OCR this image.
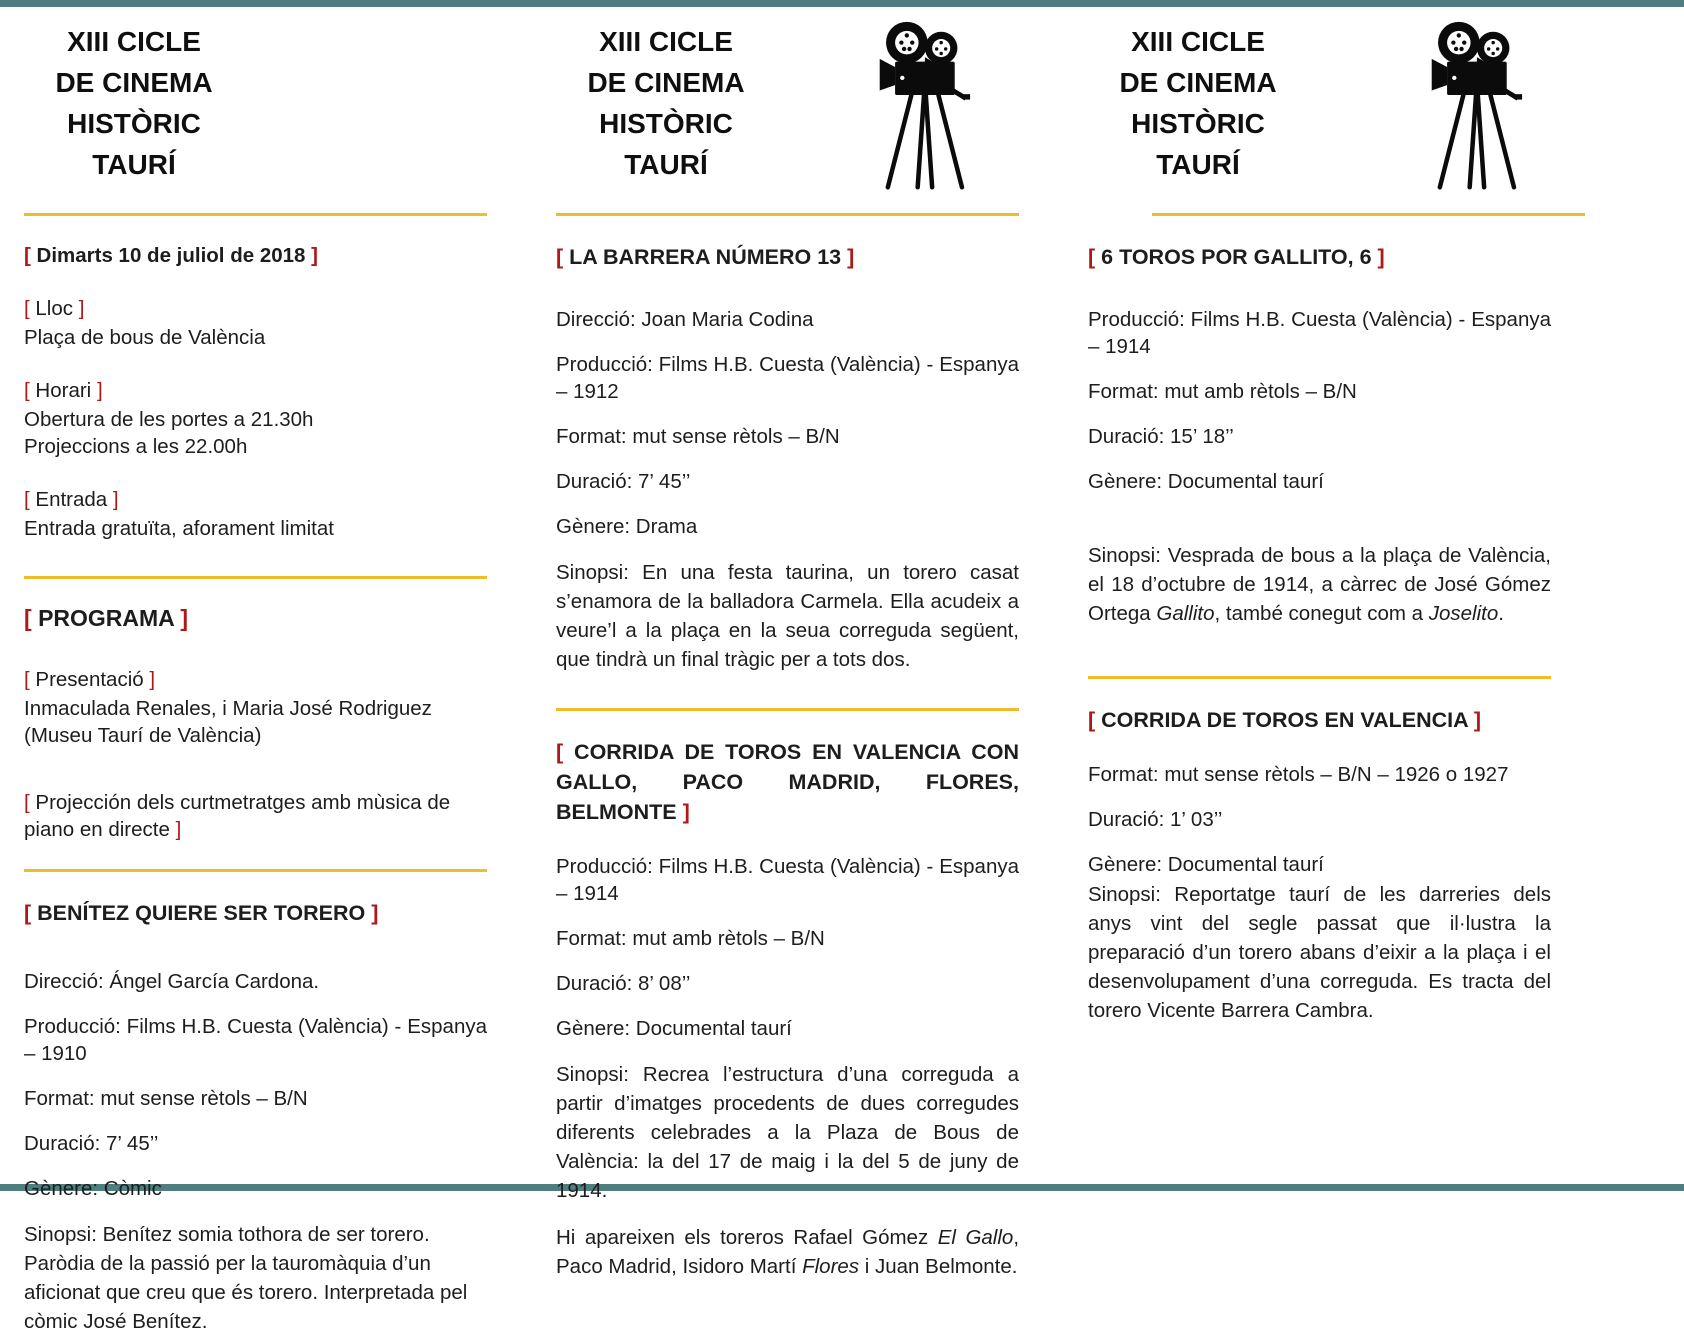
XIII CICLE

DE CINEMA

HISTÒRIC

TAURÍ

[ Dimarts 10 de juliol de 2018 ]

[ Lloc ]

Plaça de bous de València

[ Horari ]

Obertura de les portes a 21.30h

Projeccions a les 22.00h

[ Entrada ]

Entrada gratuïta, aforament limitat

[ PROGRAMA ]

[ Presentació ]

Inmaculada Renales, i Maria José Rodriguez (Museu Taurí de València)

[ Projección dels curtmetratges amb mùsica de piano en directe ]

[ BENÍTEZ QUIERE SER TORERO ]

Direcció: Ángel García Cardona.

Producció: Films H.B. Cuesta (València) - Espanya – 1910

Format: mut sense rètols – B/N

Duració: 7’ 45’’

Gènere: Còmic

Sinopsi: Benítez somia tothora de ser torero. Paròdia de la passió per la tauromàquia d’un aficionat que creu que és torero. Interpretada pel còmic José Benítez.

XIII CICLE

DE CINEMA

HISTÒRIC

TAURÍ

[ LA BARRERA NÚMERO 13 ]

Direcció: Joan Maria Codina

Producció: Films H.B. Cuesta (València) - Espanya – 1912

Format: mut sense rètols – B/N

Duració: 7’ 45’’

Gènere: Drama

Sinopsi: En una festa taurina, un torero casat s’enamora de la balladora Carmela. Ella acudeix a veure’l a la plaça en la seua correguda següent, que tindrà un final tràgic per a tots dos.

[ CORRIDA DE TOROS EN VALENCIA CON GALLO, PACO MADRID, FLORES, BELMONTE ]

Producció: Films H.B. Cuesta (València) - Espanya – 1914

Format: mut amb rètols – B/N

Duració: 8’ 08’’

Gènere: Documental taurí

Sinopsi: Recrea l’estructura d’una correguda a partir d’imatges procedents de dues corregudes diferents celebrades a la Plaza de Bous de València: la del 17 de maig i la del 5 de juny de 1914.

Hi apareixen els toreros Rafael Gómez El Gallo, Paco Madrid, Isidoro Martí Flores i Juan Belmonte.

XIII CICLE

DE CINEMA

HISTÒRIC

TAURÍ

[ 6 TOROS POR GALLITO, 6 ]

Producció: Films H.B. Cuesta (València) - Espanya – 1914

Format: mut amb rètols – B/N

Duració: 15’ 18’’

Gènere: Documental taurí

Sinopsi: Vesprada de bous a la plaça de València, el 18 d’octubre de 1914, a càrrec de José Gómez Ortega Gallito, també conegut com a Joselito.

[ CORRIDA DE TOROS EN VALENCIA ]

Format: mut sense rètols – B/N – 1926 o 1927

Duració: 1’ 03’’

Gènere: Documental taurí

Sinopsi: Reportatge taurí de les darreries dels anys vint del segle passat que il·lustra la preparació d’un torero abans d’eixir a la plaça i el desenvolupament d’una correguda. Es tracta del torero Vicente Barrera Cambra.
